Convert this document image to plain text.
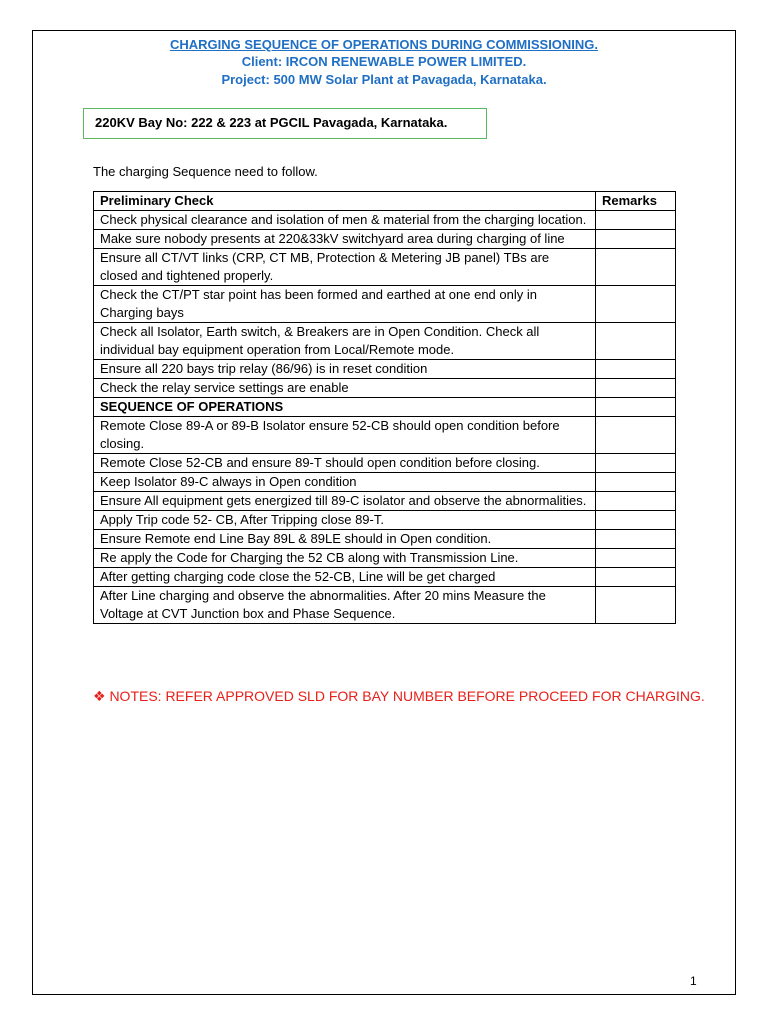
CHARGING SEQUENCE OF OPERATIONS DURING COMMISSIONING.
Client: IRCON RENEWABLE POWER LIMITED.
Project: 500 MW Solar Plant at Pavagada, Karnataka.
220KV Bay No: 222 & 223 at PGCIL Pavagada, Karnataka.
The charging Sequence need to follow.
Preliminary Check	Remarks
Check physical clearance and isolation of men & material from the charging location.	
Make sure nobody presents at 220&33kV switchyard area during charging of line	
Ensure all CT/VT links (CRP, CT MB, Protection & Metering JB panel) TBs are closed and tightened properly.	
Check the CT/PT star point has been formed and earthed at one end only in Charging bays	
Check all Isolator, Earth switch, & Breakers are in Open Condition. Check all individual bay equipment operation from Local/Remote mode.	
Ensure all 220 bays trip relay (86/96) is in reset condition	
Check the relay service settings are enable	
SEQUENCE OF OPERATIONS	
Remote Close 89-A or 89-B Isolator ensure 52-CB should open condition before closing.	
Remote Close 52-CB and ensure 89-T should open condition before closing.	
Keep Isolator 89-C always in Open condition	
Ensure All equipment gets energized till 89-C isolator and observe the abnormalities.	
Apply Trip code 52- CB, After Tripping close 89-T.	
Ensure Remote end Line Bay 89L & 89LE should in Open condition.	
Re apply the Code for Charging the 52 CB along with Transmission Line.	
After getting charging code close the 52-CB, Line will be get charged	
After Line charging and observe the abnormalities. After 20 mins Measure the Voltage at CVT Junction box and Phase Sequence.	
❖ NOTES: REFER APPROVED SLD FOR BAY NUMBER BEFORE PROCEED FOR CHARGING.
1
